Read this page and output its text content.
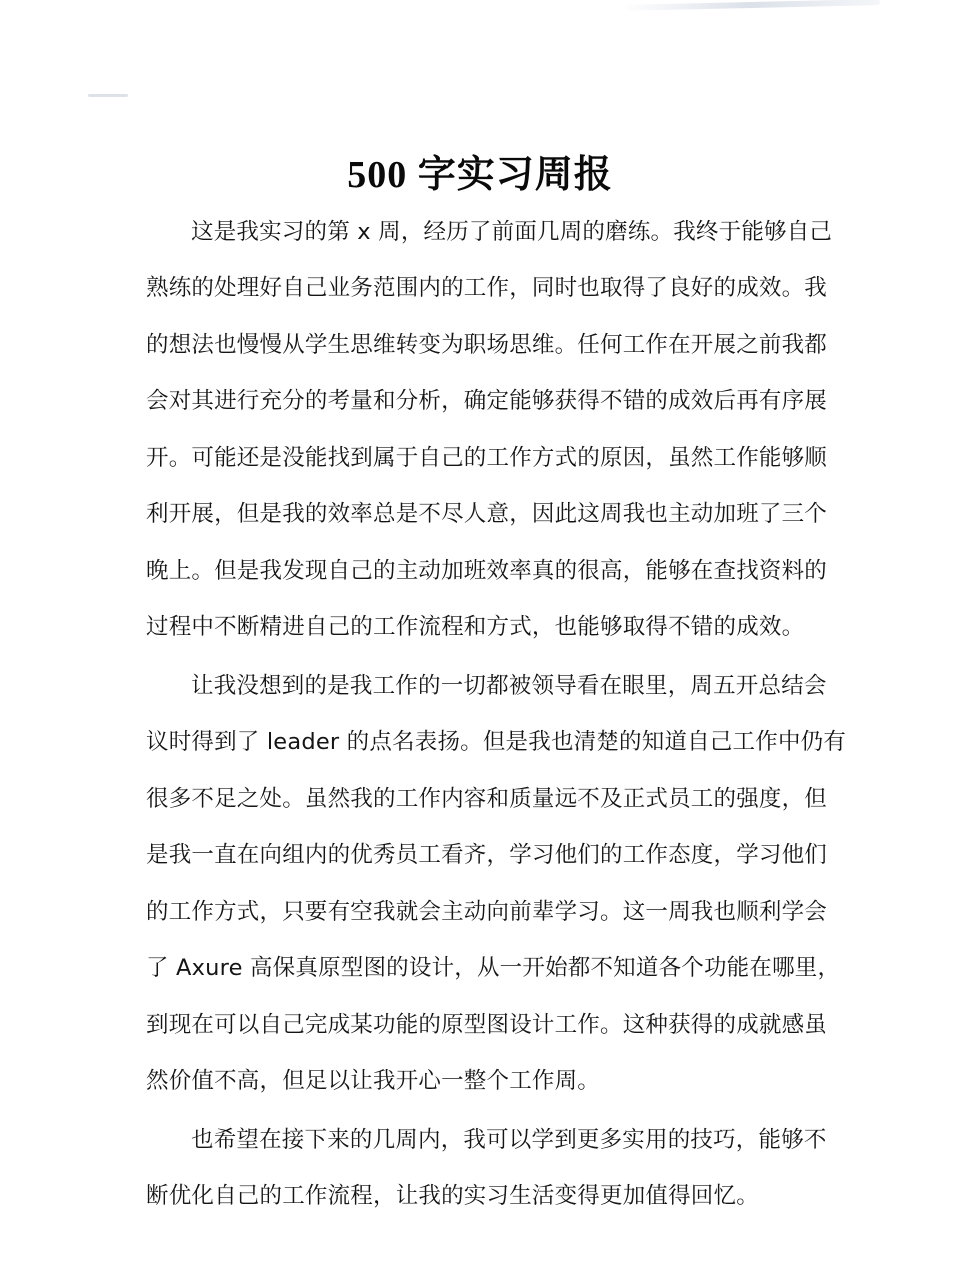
500 字实习周报
这是我实习的第 x 周，经历了前面几周的磨练。我终于能够自己
熟练的处理好自己业务范围内的工作，同时也取得了良好的成效。我
的想法也慢慢从学生思维转变为职场思维。任何工作在开展之前我都
会对其进行充分的考量和分析，确定能够获得不错的成效后再有序展
开。可能还是没能找到属于自己的工作方式的原因，虽然工作能够顺
利开展，但是我的效率总是不尽人意，因此这周我也主动加班了三个
晚上。但是我发现自己的主动加班效率真的很高，能够在查找资料的
过程中不断精进自己的工作流程和方式，也能够取得不错的成效。
让我没想到的是我工作的一切都被领导看在眼里，周五开总结会
议时得到了 leader 的点名表扬。但是我也清楚的知道自己工作中仍有
很多不足之处。虽然我的工作内容和质量远不及正式员工的强度，但
是我一直在向组内的优秀员工看齐，学习他们的工作态度，学习他们
的工作方式，只要有空我就会主动向前辈学习。这一周我也顺利学会
了 Axure 高保真原型图的设计，从一开始都不知道各个功能在哪里，
到现在可以自己完成某功能的原型图设计工作。这种获得的成就感虽
然价值不高，但足以让我开心一整个工作周。
也希望在接下来的几周内，我可以学到更多实用的技巧，能够不
断优化自己的工作流程，让我的实习生活变得更加值得回忆。
